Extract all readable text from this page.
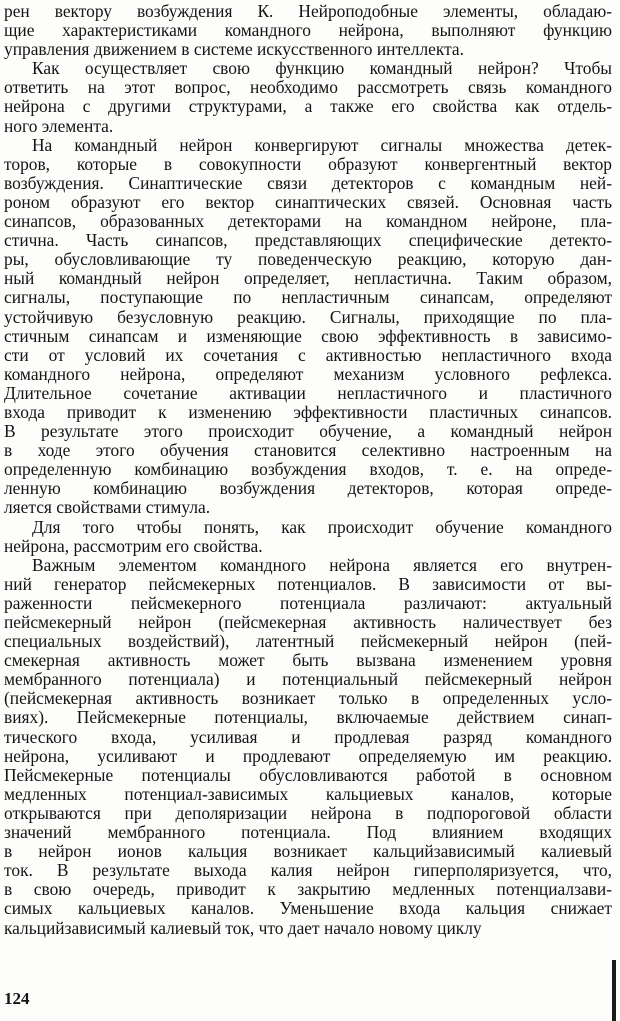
рен вектору возбуждения К. Нейроподобные элементы, обладаю-
щие характеристиками командного нейрона, выполняют функцию
управления движением в системе искусственного интеллекта.
Как осуществляет свою функцию командный нейрон? Чтобы
ответить на этот вопрос, необходимо рассмотреть связь командного
нейрона с другими структурами, а также его свойства как отдель-
ного элемента.
На командный нейрон конвергируют сигналы множества детек-
торов, которые в совокупности образуют конвергентный вектор
возбуждения. Синаптические связи детекторов с командным ней-
роном образуют его вектор синаптических связей. Основная часть
синапсов, образованных детекторами на командном нейроне, пла-
стична. Часть синапсов, представляющих специфические детекто-
ры, обусловливающие ту поведенческую реакцию, которую дан-
ный командный нейрон определяет, непластична. Таким образом,
сигналы, поступающие по непластичным синапсам, определяют
устойчивую безусловную реакцию. Сигналы, приходящие по пла-
стичным синапсам и изменяющие свою эффективность в зависимо-
сти от условий их сочетания с активностью непластичного входа
командного нейрона, определяют механизм условного рефлекса.
Длительное сочетание активации непластичного и пластичного
входа приводит к изменению эффективности пластичных синапсов.
В результате этого происходит обучение, а командный нейрон
в ходе этого обучения становится селективно настроенным на
определенную комбинацию возбуждения входов, т. е. на опреде-
ленную комбинацию возбуждения детекторов, которая опреде-
ляется свойствами стимула.
Для того чтобы понять, как происходит обучение командного
нейрона, рассмотрим его свойства.
Важным элементом командного нейрона является его внутрен-
ний генератор пейсмекерных потенциалов. В зависимости от вы-
раженности пейсмекерного потенциала различают: актуальный
пейсмекерный нейрон (пейсмекерная активность наличествует без
специальных воздействий), латентный пейсмекерный нейрон (пей-
смекерная активность может быть вызвана изменением уровня
мембранного потенциала) и потенциальный пейсмекерный нейрон
(пейсмекерная активность возникает только в определенных усло-
виях). Пейсмекерные потенциалы, включаемые действием синап-
тического входа, усиливая и продлевая разряд командного
нейрона, усиливают и продлевают определяемую им реакцию.
Пейсмекерные потенциалы обусловливаются работой в основном
медленных потенциал-зависимых кальциевых каналов, которые
открываются при деполяризации нейрона в подпороговой области
значений мембранного потенциала. Под влиянием входящих
в нейрон ионов кальция возникает кальцийзависимый калиевый
ток. В результате выхода калия нейрон гиперполяризуется, что,
в свою очередь, приводит к закрытию медленных потенциалзави-
симых кальциевых каналов. Уменьшение входа кальция снижает
кальцийзависимый калиевый ток, что дает начало новому циклу
124
